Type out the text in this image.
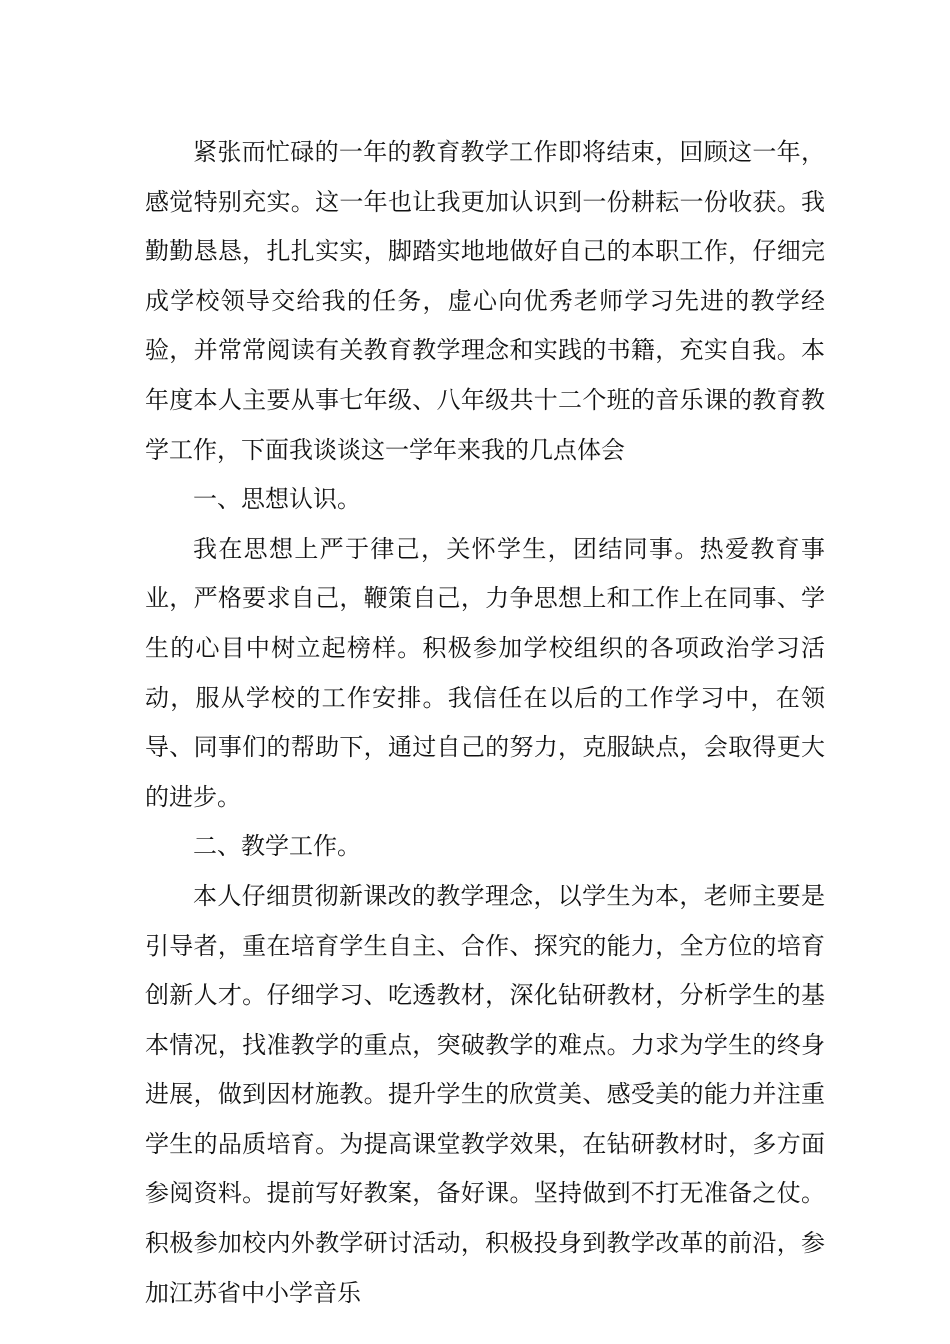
紧张而忙碌的一年的教育教学工作即将结束，回顾这一年，感觉特别充实。这一年也让我更加认识到一份耕耘一份收获。我勤勤恳恳，扎扎实实，脚踏实地地做好自己的本职工作，仔细完成学校领导交给我的任务，虚心向优秀老师学习先进的教学经验，并常常阅读有关教育教学理念和实践的书籍，充实自我。本年度本人主要从事七年级、八年级共十二个班的音乐课的教育教学工作，下面我谈谈这一学年来我的几点体会

一、思想认识。

我在思想上严于律己，关怀学生，团结同事。热爱教育事业，严格要求自己，鞭策自己，力争思想上和工作上在同事、学生的心目中树立起榜样。积极参加学校组织的各项政治学习活动，服从学校的工作安排。我信任在以后的工作学习中，在领导、同事们的帮助下，通过自己的努力，克服缺点，会取得更大的进步。

二、教学工作。

本人仔细贯彻新课改的教学理念，以学生为本，老师主要是引导者，重在培育学生自主、合作、探究的能力，全方位的培育创新人才。仔细学习、吃透教材，深化钻研教材，分析学生的基本情况，找准教学的重点，突破教学的难点。力求为学生的终身进展，做到因材施教。提升学生的欣赏美、感受美的能力并注重学生的品质培育。为提高课堂教学效果，在钻研教材时，多方面参阅资料。提前写好教案，备好课。坚持做到不打无准备之仗。积极参加校内外教学研讨活动，积极投身到教学改革的前沿，参加江苏省中小学音乐
